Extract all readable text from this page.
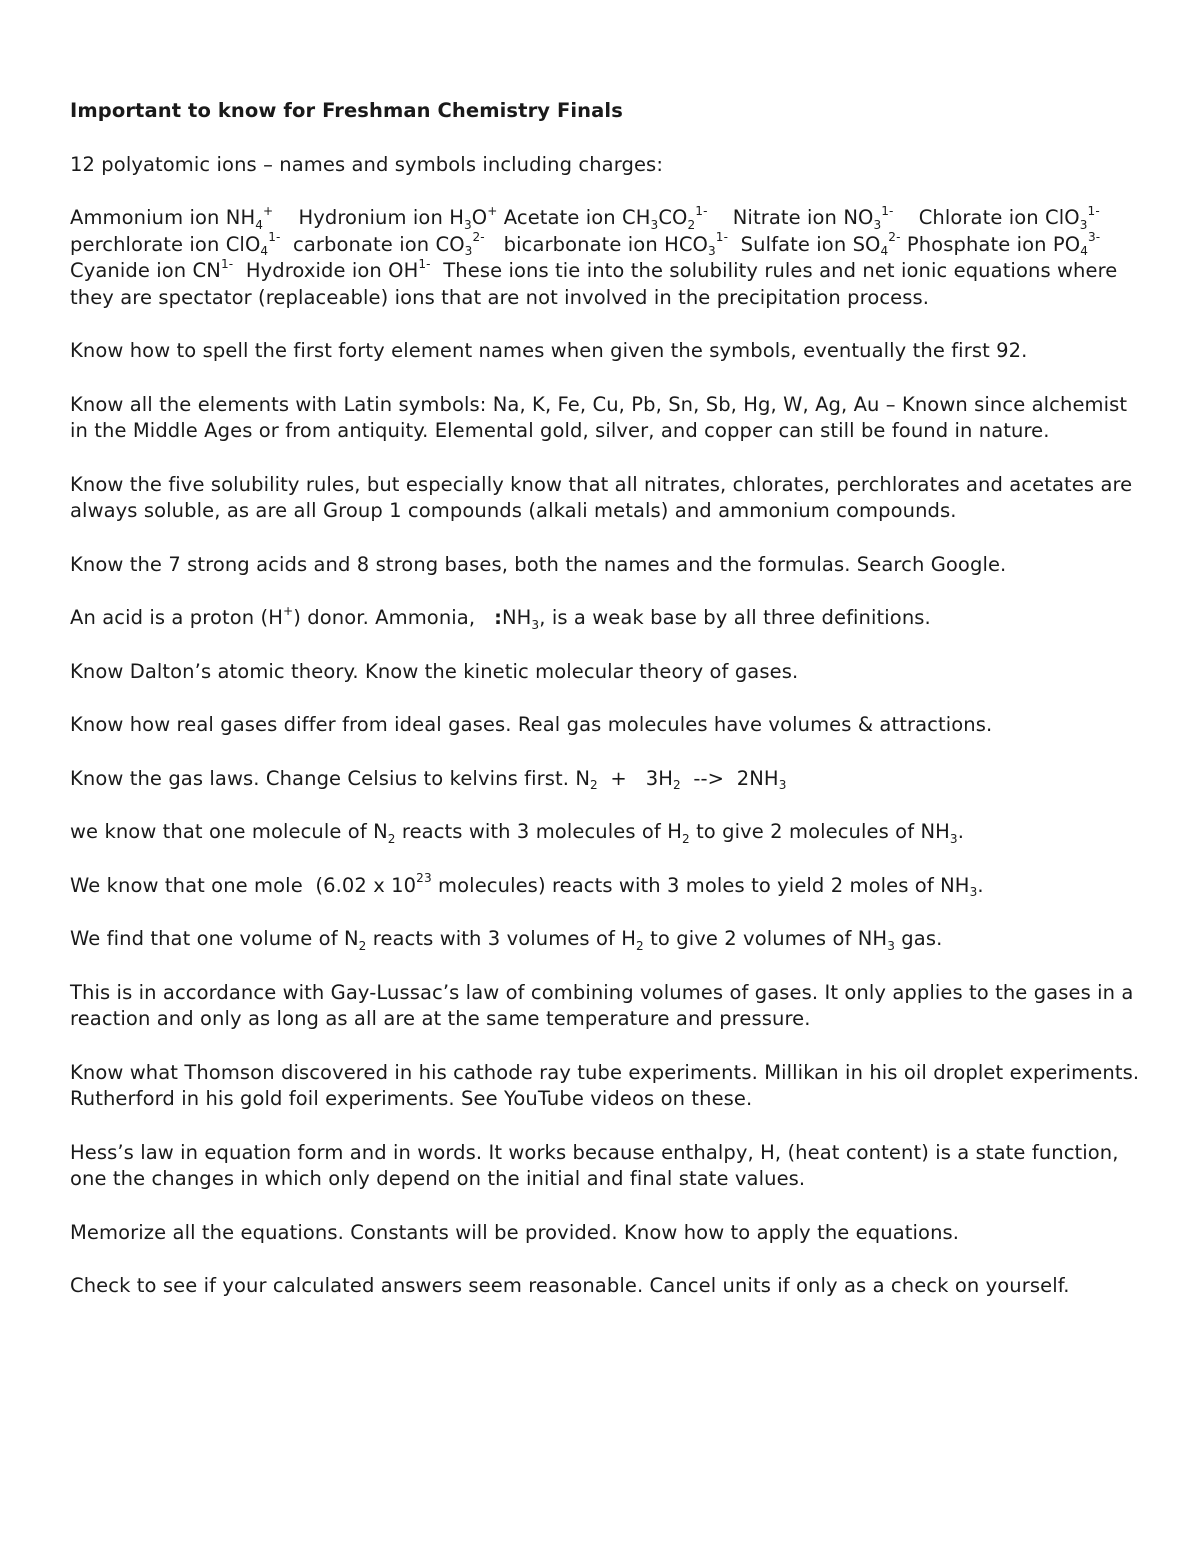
Important to know for Freshman Chemistry Finals
12 polyatomic ions – names and symbols including charges:
Ammonium ion $NH_4^+$ Hydronium ion $H_3O^+$ Acetate ion $CH_3CO_2^{1-}$ Nitrate ion $NO_3^{1-}$ Chlorate ion ClO$_3^{1-}$   perchlorate ion ClO$_4^{1-}$ carbonate ion $CO_3^{2-}$ bicarbonate ion $HCO_3^{1-}$ Sulfate ion $SO_4^{2-}$ Phosphate ion $PO_4^{3-}$   Cyanide ion $CN^{1-}$ Hydroxide ion $OH^{1-}$ These ions tie into the solubility rules and net ionic equations where they are spectator (replaceable) ions that are not involved in the precipitation process.
Know how to spell the first forty element names when given the symbols, eventually the first 92.
Know all the elements with Latin symbols: Na, K, Fe, Cu, Pb, Sn, Sb, Hg, W, Ag, Au – Known since alchemist in the Middle Ages or from antiquity. Elemental gold, silver, and copper can still be found in nature.
Know the five solubility rules, but especially know that all nitrates, chlorates, perchlorates and acetates are always soluble, as are all Group 1 compounds (alkali metals) and ammonium compounds.
Know the 7 strong acids and 8 strong bases, both the names and the formulas. Search Google.
An acid is a proton (H+) donor. Ammonia,   $:NH_3$, is a weak base by all three definitions.
Know Dalton’s atomic theory. Know the kinetic molecular theory of gases.
Know how real gases differ from ideal gases. Real gas molecules have volumes & attractions.
Know the gas laws. Change Celsius to kelvins first. $N_2 + 3H_2$  -->  $2NH_3$
we know that one molecule of $N_2$ reacts with 3 molecules of $H_2$ to give 2 molecules of $NH_3$.
We know that one mole  (6.02 x $10^{23}$ molecules) reacts with 3 moles to yield 2 moles of $NH_3$.
We find that one volume of $N_2$ reacts with 3 volumes of $H_2$ to give 2 volumes of $NH_3$ gas.
This is in accordance with Gay-Lussac’s law of combining volumes of gases. It only applies to the gases in a reaction and only as long as all are at the same temperature and pressure.
Know what Thomson discovered in his cathode ray tube experiments. Millikan in his oil droplet experiments. Rutherford in his gold foil experiments. See YouTube videos on these.
Hess’s law in equation form and in words. It works because enthalpy, H, (heat content) is a state function, one the changes in which only depend on the initial and final state values.
Memorize all the equations. Constants will be provided. Know how to apply the equations.
Check to see if your calculated answers seem reasonable. Cancel units if only as a check on yourself.
